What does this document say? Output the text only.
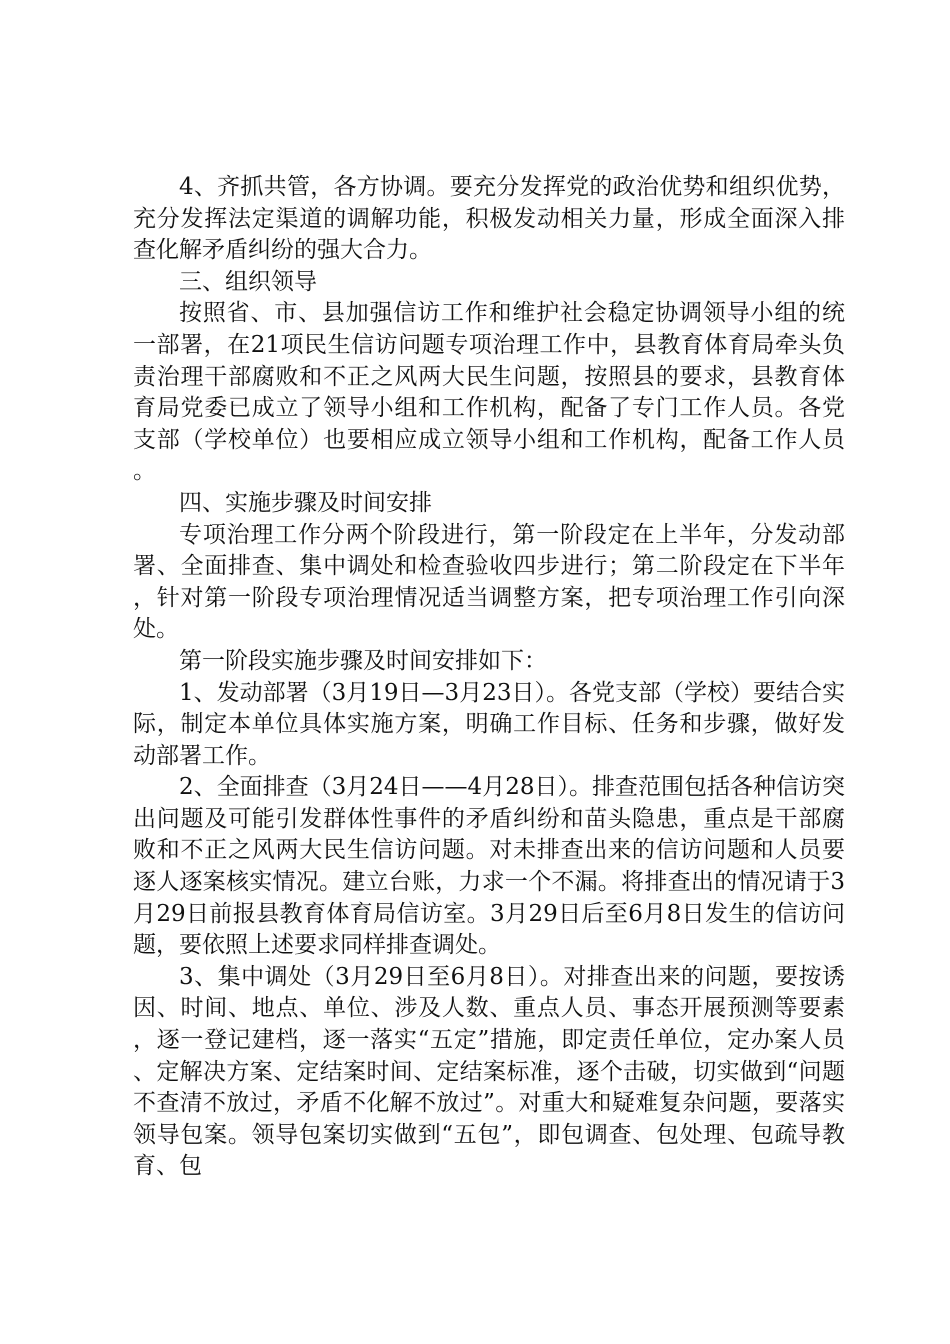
4、齐抓共管，各方协调。要充分发挥党的政治优势和组织优势，充分发挥法定渠道的调解功能，积极发动相关力量，形成全面深入排查化解矛盾纠纷的强大合力。

三、组织领导

按照省、市、县加强信访工作和维护社会稳定协调领导小组的统一部署，在21项民生信访问题专项治理工作中，县教育体育局牵头负责治理干部腐败和不正之风两大民生问题，按照县的要求，县教育体育局党委已成立了领导小组和工作机构，配备了专门工作人员。各党支部（学校单位）也要相应成立领导小组和工作机构，配备工作人员。

四、实施步骤及时间安排

专项治理工作分两个阶段进行，第一阶段定在上半年，分发动部署、全面排查、集中调处和检查验收四步进行；第二阶段定在下半年，针对第一阶段专项治理情况适当调整方案，把专项治理工作引向深处。

第一阶段实施步骤及时间安排如下：

1、发动部署（3月19日—3月23日）。各党支部（学校）要结合实际，制定本单位具体实施方案，明确工作目标、任务和步骤，做好发动部署工作。

2、全面排查（3月24日——4月28日）。排查范围包括各种信访突出问题及可能引发群体性事件的矛盾纠纷和苗头隐患，重点是干部腐败和不正之风两大民生信访问题。对未排查出来的信访问题和人员要逐人逐案核实情况。建立台账，力求一个不漏。将排查出的情况请于3月29日前报县教育体育局信访室。3月29日后至6月8日发生的信访问题，要依照上述要求同样排查调处。

3、集中调处（3月29日至6月8日）。对排查出来的问题，要按诱因、时间、地点、单位、涉及人数、重点人员、事态开展预测等要素，逐一登记建档，逐一落实“五定”措施，即定责任单位，定办案人员、定解决方案、定结案时间、定结案标准，逐个击破，切实做到“问题不查清不放过，矛盾不化解不放过”。对重大和疑难复杂问题，要落实领导包案。领导包案切实做到“五包”，即包调查、包处理、包疏导教育、包
